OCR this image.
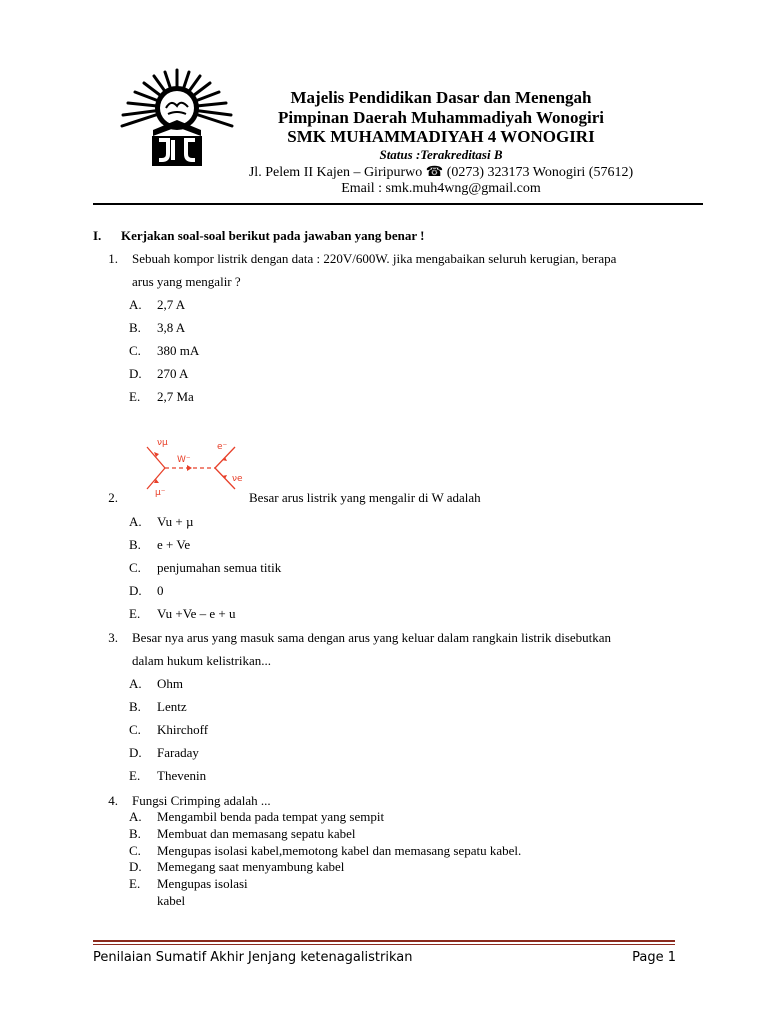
Majelis Pendidikan Dasar dan Menengah
Pimpinan Daerah Muhammadiyah Wonogiri
SMK MUHAMMADIYAH 4 WONOGIRI
Status :Terakreditasi B
Jl. Pelem II Kajen – Giripurwo ☎ (0273) 323173 Wonogiri (57612)
Email : smk.muh4wng@gmail.com
I. Kerjakan soal-soal berikut pada jawaban yang benar !
1. Sebuah kompor listrik dengan data : 220V/600W. jika mengabaikan seluruh kerugian, berapa
arus yang mengalir ?
A. 2,7 A
B. 3,8 A
C. 380 mA
D. 270 A
E. 2,7 Ma
νμ	e⁻
W⁻
νe
μ⁻
2.	Besar arus listrik yang mengalir di W adalah
A. Vu + µ
B. e + Ve
C. penjumahan semua titik
D. 0
E. Vu +Ve – e + u
3. Besar nya arus yang masuk sama dengan arus yang keluar dalam rangkain listrik disebutkan
dalam hukum kelistrikan...
A. Ohm
B. Lentz
C. Khirchoff
D. Faraday
E. Thevenin
4. Fungsi Crimping adalah ...
A. Mengambil benda pada tempat yang sempit
B. Membuat dan memasang sepatu kabel
C. Mengupas isolasi kabel,memotong kabel dan memasang sepatu kabel.
D. Memegang saat menyambung kabel
E. Mengupas isolasi
kabel
Penilaian Sumatif Akhir Jenjang ketenagalistrikan	Page 1
